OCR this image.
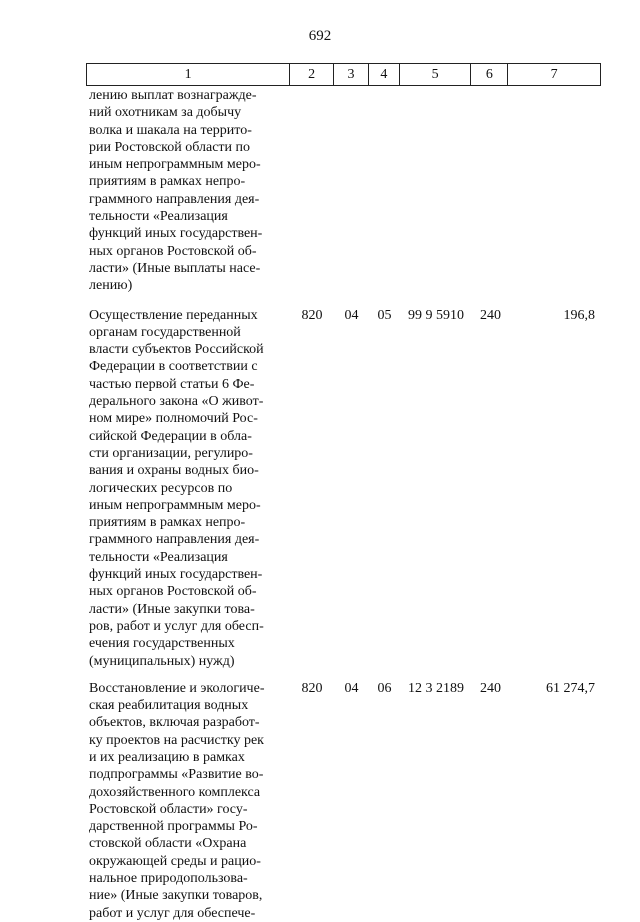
692
1	2	3	4	5	6	7
лению выплат вознагражде-
ний охотникам за добычу
волка и шакала на террито-
рии Ростовской области по
иным непрограммным меро-
приятиям в рамках непро-
граммного направления дея-
тельности «Реализация
функций иных государствен-
ных органов Ростовской об-
ласти» (Иные выплаты насе-
лению)
Осуществление переданных
органам государственной
власти субъектов Российской
Федерации в соответствии с
частью первой статьи 6 Фе-
дерального закона «О живот-
ном мире» полномочий Рос-
сийской Федерации в обла-
сти организации, регулиро-
вания и охраны водных био-
логических ресурсов по
иным непрограммным меро-
приятиям в рамках непро-
граммного направления дея-
тельности «Реализация
функций иных государствен-
ных органов Ростовской об-
ласти» (Иные закупки това-
ров, работ и услуг для обесп-
ечения государственных
(муниципальных) нужд)
820	04	05	99 9 5910	240	196,8
Восстановление и экологиче-
ская реабилитация водных
объектов, включая разработ-
ку проектов на расчистку рек
и их реализацию в рамках
подпрограммы «Развитие во-
дохозяйственного комплекса
Ростовской области» госу-
дарственной программы Ро-
стовской области «Охрана
окружающей среды и рацио-
нальное природопользова-
ние» (Иные закупки товаров,
работ и услуг для обеспече-
820	04	06	12 3 2189	240	61 274,7
